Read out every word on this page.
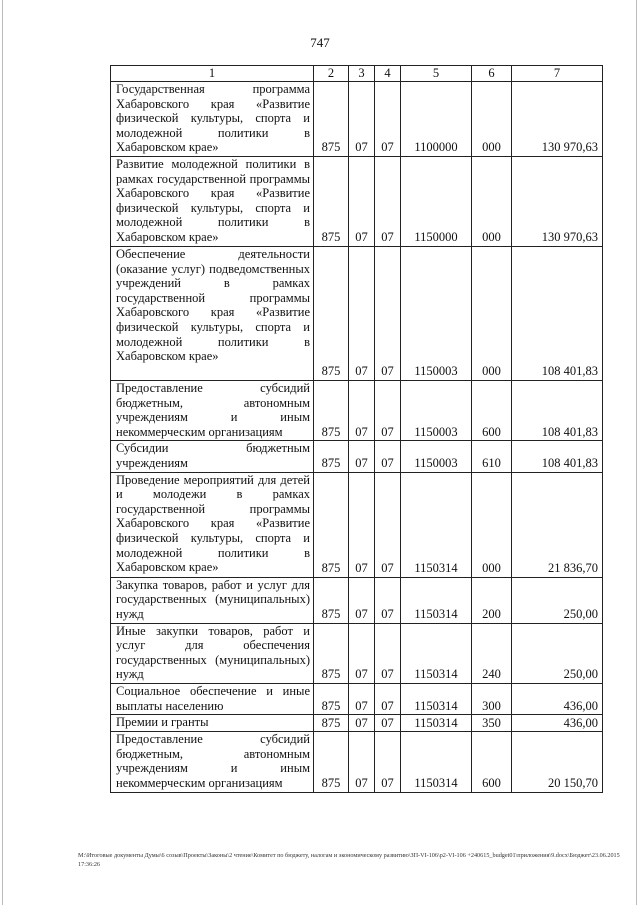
747
1	2	3	4	5	6	7
Государственная программа Хабаровского края «Развитие физической культуры, спорта и молодежной политики в Хабаровском крае»	875	07	07	1100000	000	130 970,63
Развитие молодежной политики в рамках государственной программы Хабаровского края «Развитие физической культуры, спорта и молодежной политики в Хабаровском крае»	875	07	07	1150000	000	130 970,63
Обеспечение деятельности (оказание услуг) подведомственных учреждений в рамках государственной программы Хабаровского края «Развитие физической культуры, спорта и молодежной политики в Хабаровском крае»	875	07	07	1150003	000	108 401,83
Предоставление субсидий бюджетным, автономным учреждениям и иным некоммерческим организациям	875	07	07	1150003	600	108 401,83
Субсидии бюджетным учреждениям	875	07	07	1150003	610	108 401,83
Проведение мероприятий для детей и молодежи в рамках государственной программы Хабаровского края «Развитие физической культуры, спорта и молодежной политики в Хабаровском крае»	875	07	07	1150314	000	21 836,70
Закупка товаров, работ и услуг для государственных (муниципальных) нужд	875	07	07	1150314	200	250,00
Иные закупки товаров, работ и услуг для обеспечения государственных (муниципальных) нужд	875	07	07	1150314	240	250,00
Социальное обеспечение и иные выплаты населению	875	07	07	1150314	300	436,00
Премии и гранты	875	07	07	1150314	350	436,00
Предоставление субсидий бюджетным, автономным учреждениям и иным некоммерческим организациям	875	07	07	1150314	600	20 150,70
М:\Итоговые документы Думы\6 созыв\Проекты\Законы\2 чтение\Комитет по бюджету, налогам и экономическому развитию\ЗП-VI-106\р2-VI-106 +240615_budget01\приложения\9.docx\Бюджет\23.06.2015 17:36:26
